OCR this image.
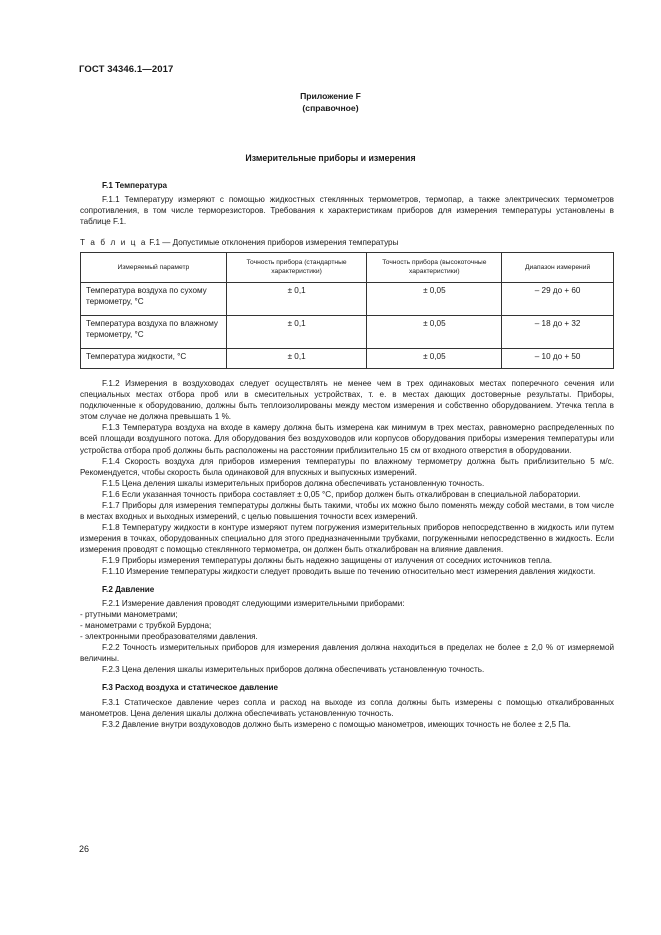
ГОСТ 34346.1—2017
Приложение F
(справочное)
Измерительные приборы и измерения
F.1 Температура
F.1.1 Температуру измеряют с помощью жидкостных стеклянных термометров, термопар, а также электрических термометров сопротивления, в том числе терморезисторов. Требования к характеристикам приборов для измерения температуры установлены в таблице F.1.
Т а б л и ц а F.1 — Допустимые отклонения приборов измерения температуры
Измеряемый параметр	Точность прибора (стандартные характеристики)	Точность прибора (высокоточные характеристики)	Диапазон измерений
Температура воздуха по сухому термометру, °С	± 0,1	± 0,05	– 29 до + 60
Температура воздуха по влажному термометру, °С	± 0,1	± 0,05	– 18 до + 32
Температура жидкости, °С	± 0,1	± 0,05	– 10 до + 50
F.1.2 Измерения в воздуховодах следует осуществлять не менее чем в трех одинаковых местах поперечного сечения или специальных местах отбора проб или в смесительных устройствах, т. е. в местах дающих достоверные результаты. Приборы, подключенные к оборудованию, должны быть теплоизолированы между местом измерения и собственно оборудованием. Утечка тепла в этом случае не должна превышать 1 %.
F.1.3 Температура воздуха на входе в камеру должна быть измерена как минимум в трех местах, равномерно распределенных по всей площади воздушного потока. Для оборудования без воздуховодов или корпусов оборудования приборы измерения температуры или устройства отбора проб должны быть расположены на расстоянии приблизительно 15 см от входного отверстия в оборудовании.
F.1.4 Скорость воздуха для приборов измерения температуры по влажному термометру должна быть приблизительно 5 м/с. Рекомендуется, чтобы скорость была одинаковой для впускных и выпускных измерений.
F.1.5 Цена деления шкалы измерительных приборов должна обеспечивать установленную точность.
F.1.6 Если указанная точность прибора составляет ± 0,05 °С, прибор должен быть откалиброван в специальной лаборатории.
F.1.7 Приборы для измерения температуры должны быть такими, чтобы их можно было поменять между собой местами, в том числе в местах входных и выходных измерений, с целью повышения точности всех измерений.
F.1.8 Температуру жидкости в контуре измеряют путем погружения измерительных приборов непосредственно в жидкость или путем измерения в точках, оборудованных специально для этого предназначенными трубками, погруженными непосредственно в жидкость. Если измерения проводят с помощью стеклянного термометра, он должен быть откалиброван на влияние давления.
F.1.9 Приборы измерения температуры должны быть надежно защищены от излучения от соседних источников тепла.
F.1.10 Измерение температуры жидкости следует проводить выше по течению относительно мест измерения давления жидкости.
F.2 Давление
F.2.1 Измерение давления проводят следующими измерительными приборами:
- ртутными манометрами;
- манометрами с трубкой Бурдона;
- электронными преобразователями давления.
F.2.2 Точность измерительных приборов для измерения давления должна находиться в пределах не более ± 2,0 % от измеряемой величины.
F.2.3 Цена деления шкалы измерительных приборов должна обеспечивать установленную точность.
F.3 Расход воздуха и статическое давление
F.3.1 Статическое давление через сопла и расход на выходе из сопла должны быть измерены с помощью откалиброванных манометров. Цена деления шкалы должна обеспечивать установленную точность.
F.3.2 Давление внутри воздуховодов должно быть измерено с помощью манометров, имеющих точность не более ± 2,5 Па.
26
